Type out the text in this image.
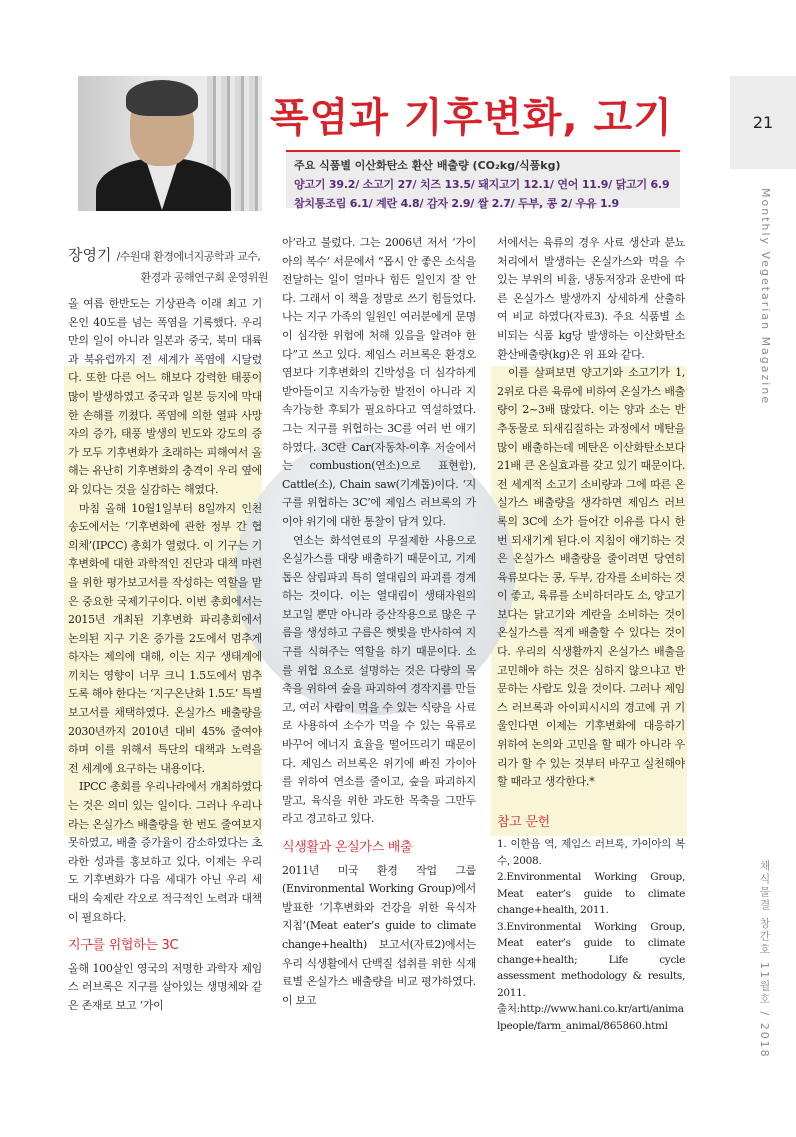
폭염과 기후변화, 고기	21
Monthly Vegetarian Magazine
채식물결 창간호 11월호 / 2018
주요 식품별 이산화탄소 환산 배출량 (CO₂kg/식품kg)
양고기 39.2/ 소고기 27/ 치즈 13.5/ 돼지고기 12.1/ 연어 11.9/ 닭고기 6.9
참치통조림 6.1/ 계란 4.8/ 감자 2.9/ 쌀 2.7/ 두부, 콩 2/ 우유 1.9
장영기 /수원대 환경에너지공학과 교수,
환경과 공해연구회 운영위원

올 여름 한반도는 기상관측 이래 최고 기온인 40도를 넘는 폭염을 기록했다. 우리만의 일이 아니라 일본과 중국, 북미 대륙과 북유럽까지 전 세계가 폭염에 시달렸다. 또한 다른 어느 해보다 강력한 태풍이 많이 발생하였고 중국과 일본 등지에 막대한 손해를 끼쳤다. 폭염에 의한 열파 사망자의 증가, 태풍 발생의 빈도와 강도의 증가 모두 기후변화가 초래하는 피해여서 올해는 유난히 기후변화의 충격이 우리 옆에 와 있다는 것을 실감하는 해였다.

마침 올해 10월1일부터 8일까지 인천 송도에서는 ‘기후변화에 관한 정부 간 협의체’(IPCC) 총회가 열렸다. 이 기구는 기후변화에 대한 과학적인 진단과 대책 마련을 위한 평가보고서를 작성하는 역할을 맡은 중요한 국제기구이다. 이번 총회에서는 2015년 개최된 기후변화 파리총회에서 논의된 지구 기온 증가를 2도에서 멈추게 하자는 제의에 대해, 이는 지구 생태계에 끼치는 영향이 너무 크니 1.5도에서 멈추도록 해야 한다는 ‘지구온난화 1.5도’ 특별보고서를 채택하였다. 온실가스 배출량을 2030년까지 2010년 대비 45% 줄여야 하며 이를 위해서 특단의 대책과 노력을 전 세계에 요구하는 내용이다.

IPCC 총회를 우리나라에서 개최하였다는 것은 의미 있는 일이다. 그러나 우리나라는 온실가스 배출량을 한 번도 줄여보지 못하였고, 배출 증가율이 감소하였다는 초라한 성과를 홍보하고 있다. 이제는 우리도 기후변화가 다음 세대가 아닌 우리 세대의 숙제란 각오로 적극적인 노력과 대책이 필요하다.

지구를 위협하는 3C

올해 100살인 영국의 저명한 과학자 제임스 러브록은 지구를 살아있는 생명체와 같은 존재로 보고 ‘가이

아’라고 불렀다. 그는 2006년 저서 ‘가이아의 복수’ 서문에서 “몹시 안 좋은 소식을 전달하는 일이 얼마나 힘든 일인지 잘 안다. 그래서 이 책을 정말로 쓰기 힘들었다. 나는 지구 가족의 일원인 여러분에게 문명이 심각한 위험에 처해 있음을 알려야 한다”고 쓰고 있다. 제임스 러브록은 환경오염보다 기후변화의 긴박성을 더 심각하게 받아들이고 지속가능한 발전이 아니라 지속가능한 후퇴가 필요하다고 역설하였다. 그는 지구를 위협하는 3C를 여러 번 얘기하였다. 3C란 Car(자동차-이후 저술에서는 combustion(연소)으로 표현함), Cattle(소), Chain saw(기계톱)이다. ‘지구를 위협하는 3C’에 제임스 러브록의 가이아 위기에 대한 통찰이 담겨 있다.

연소는 화석연료의 무절제한 사용으로 온실가스를 대량 배출하기 때문이고, 기계톱은 삼림파괴 특히 열대림의 파괴를 경계하는 것이다. 이는 열대림이 생태자원의 보고일 뿐만 아니라 증산작용으로 많은 구름을 생성하고 구름은 햇빛을 반사하여 지구를 식혀주는 역할을 하기 때문이다. 소를 위협 요소로 설명하는 것은 다량의 목축을 위하여 숲을 파괴하여 경작지를 만들고, 여러 사람이 먹을 수 있는 식량을 사료로 사용하여 소수가 먹을 수 있는 육류로 바꾸어 에너지 효율을 떨어뜨리기 때문이다. 제임스 러브록은 위기에 빠진 가이아를 위하여 연소를 줄이고, 숲을 파괴하지 말고, 육식을 위한 과도한 목축을 그만두라고 경고하고 있다.

식생활과 온실가스 배출

2011년 미국 환경 작업 그룹(Environmental Working Group)에서 발표한 ‘기후변화와 건강을 위한 육식자 지침’(Meat eater’s guide to climate change+health) 보고서(자료2)에서는 우리 식생활에서 단백질 섭취를 위한 식재료별 온실가스 배출량을 비교 평가하였다. 이 보고

서에서는 육류의 경우 사료 생산과 분뇨처리에서 발생하는 온실가스와 먹을 수 있는 부위의 비율, 냉동저장과 운반에 따른 온실가스 발생까지 상세하게 산출하여 비교 하였다(자료3). 주요 식품별 소비되는 식품 kg당 발생하는 이산화탄소 환산배출량(kg)은 위 표와 같다.

이를 살펴보면 양고기와 소고기가 1, 2위로 다른 육류에 비하여 온실가스 배출량이 2~3배 많았다. 이는 양과 소는 반추동물로 되새김질하는 과정에서 메탄을 많이 배출하는데 메탄은 이산화탄소보다 21배 큰 온실효과를 갖고 있기 때문이다. 전 세계적 소고기 소비량과 그에 따른 온실가스 배출량을 생각하면 제임스 러브록의 3C에 소가 들어간 이유를 다시 한 번 되새기게 된다.이 지침이 얘기하는 것은 온실가스 배출량을 줄이려면 당연히 육류보다는 콩, 두부, 감자를 소비하는 것이 좋고, 육류를 소비하더라도 소, 양고기보다는 닭고기와 계란을 소비하는 것이 온실가스를 적게 배출할 수 있다는 것이다. 우리의 식생활까지 온실가스 배출을 고민해야 하는 것은 심하지 않으냐고 반문하는 사람도 있을 것이다. 그러나 제임스 러브록과 아이피시시의 경고에 귀 기울인다면 이제는 기후변화에 대응하기 위하여 논의와 고민을 할 때가 아니라 우리가 할 수 있는 것부터 바꾸고 실천해야 할 때라고 생각한다.*

참고 문헌
1. 이한음 역, 제임스 러브록, 가이아의 복수, 2008.
2.Environmental Working Group, Meat eater’s guide to climate change+health, 2011.
3.Environmental Working Group, Meat eater’s guide to climate change+health; Life cycle assessment methodology & results, 2011.
출처:http://www.hani.co.kr/arti/animalpeople/farm_animal/865860.html
